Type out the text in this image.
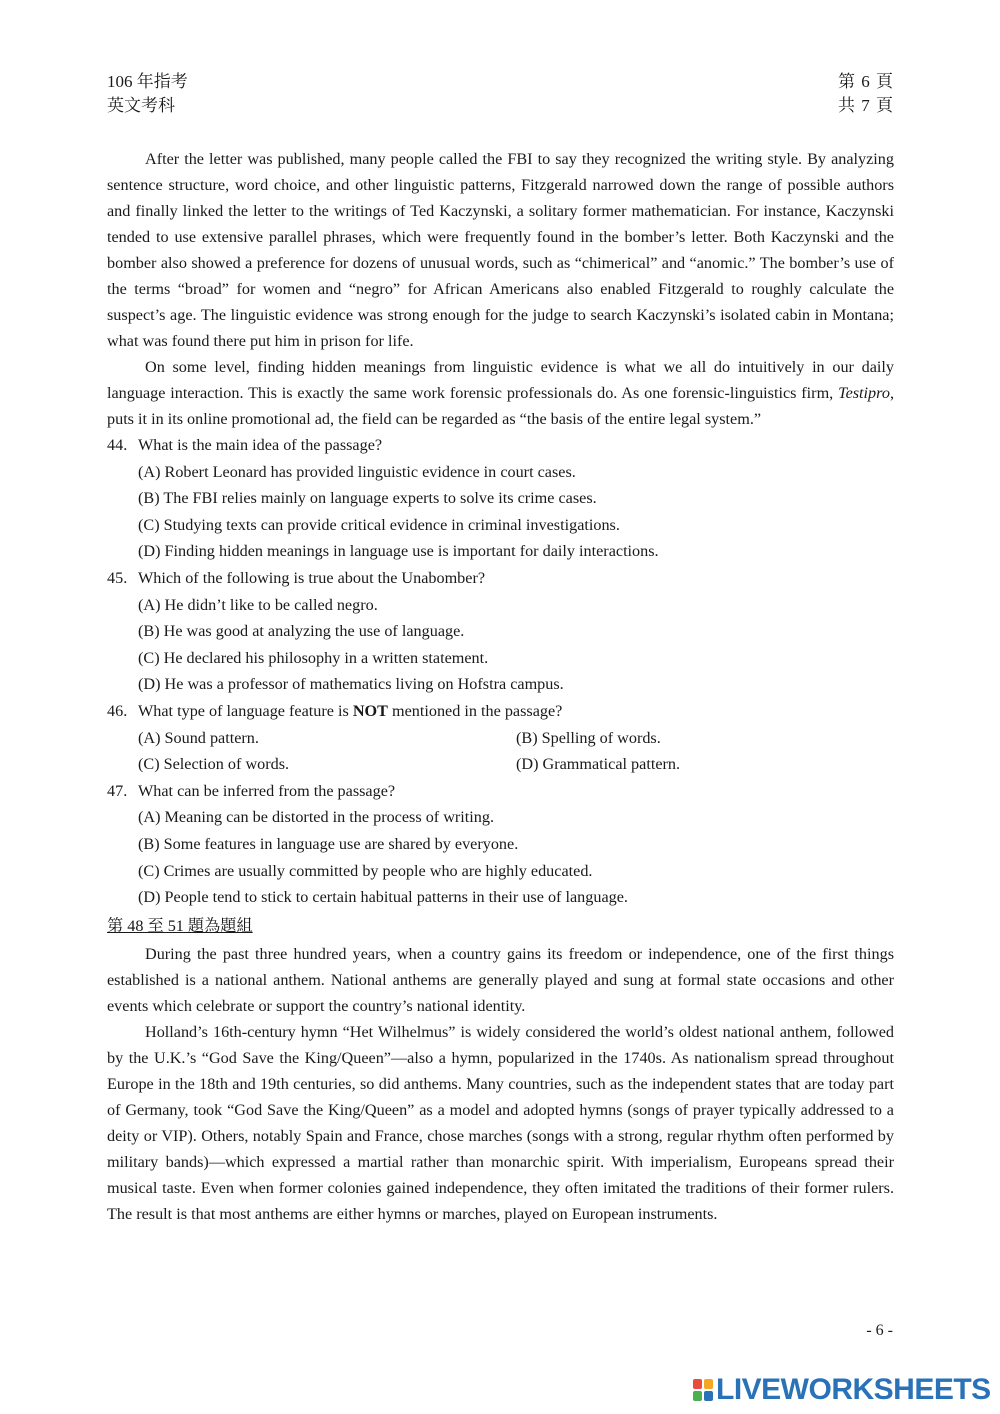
106 年指考
英文考科
第 6 頁
共 7 頁

After the letter was published, many people called the FBI to say they recognized the writing style. By analyzing sentence structure, word choice, and other linguistic patterns, Fitzgerald narrowed down the range of possible authors and finally linked the letter to the writings of Ted Kaczynski, a solitary former mathematician. For instance, Kaczynski tended to use extensive parallel phrases, which were frequently found in the bomber’s letter. Both Kaczynski and the bomber also showed a preference for dozens of unusual words, such as “chimerical” and “anomic.” The bomber’s use of the terms “broad” for women and “negro” for African Americans also enabled Fitzgerald to roughly calculate the suspect’s age. The linguistic evidence was strong enough for the judge to search Kaczynski’s isolated cabin in Montana; what was found there put him in prison for life.

On some level, finding hidden meanings from linguistic evidence is what we all do intuitively in our daily language interaction. This is exactly the same work forensic professionals do. As one forensic-linguistics firm, Testipro, puts it in its online promotional ad, the field can be regarded as “the basis of the entire legal system.”

44. What is the main idea of the passage?
(A) Robert Leonard has provided linguistic evidence in court cases.
(B) The FBI relies mainly on language experts to solve its crime cases.
(C) Studying texts can provide critical evidence in criminal investigations.
(D) Finding hidden meanings in language use is important for daily interactions.
45. Which of the following is true about the Unabomber?
(A) He didn’t like to be called negro.
(B) He was good at analyzing the use of language.
(C) He declared his philosophy in a written statement.
(D) He was a professor of mathematics living on Hofstra campus.
46. What type of language feature is NOT mentioned in the passage?
(A) Sound pattern.	(B) Spelling of words.
(C) Selection of words.	(D) Grammatical pattern.
47. What can be inferred from the passage?
(A) Meaning can be distorted in the process of writing.
(B) Some features in language use are shared by everyone.
(C) Crimes are usually committed by people who are highly educated.
(D) People tend to stick to certain habitual patterns in their use of language.
第 48 至 51 題為題組

During the past three hundred years, when a country gains its freedom or independence, one of the first things established is a national anthem. National anthems are generally played and sung at formal state occasions and other events which celebrate or support the country’s national identity.

Holland’s 16th-century hymn “Het Wilhelmus” is widely considered the world’s oldest national anthem, followed by the U.K.’s “God Save the King/Queen”—also a hymn, popularized in the 1740s. As nationalism spread throughout Europe in the 18th and 19th centuries, so did anthems. Many countries, such as the independent states that are today part of Germany, took “God Save the King/Queen” as a model and adopted hymns (songs of prayer typically addressed to a deity or VIP). Others, notably Spain and France, chose marches (songs with a strong, regular rhythm often performed by military bands)—which expressed a martial rather than monarchic spirit. With imperialism, Europeans spread their musical taste. Even when former colonies gained independence, they often imitated the traditions of their former rulers. The result is that most anthems are either hymns or marches, played on European instruments.

- 6 -
LIVEWORKSHEETS
